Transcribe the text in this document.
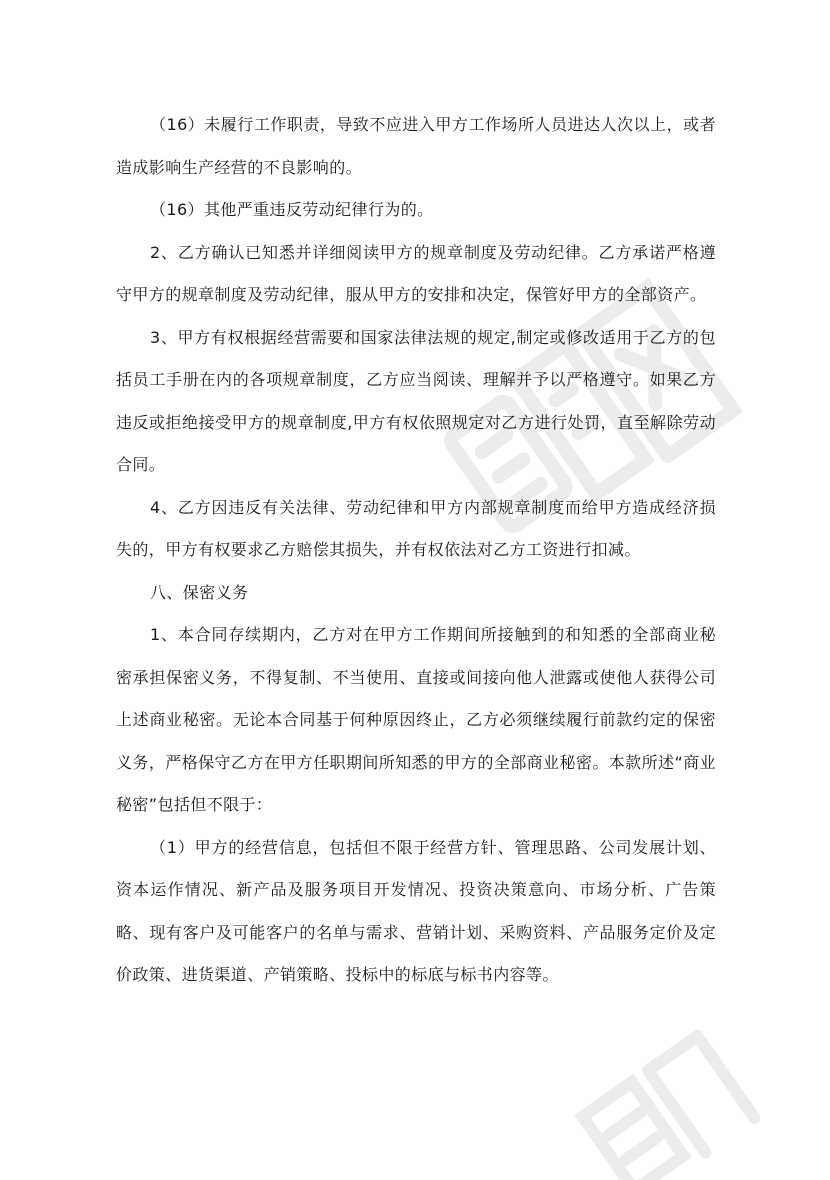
（16）未履行工作职责，导致不应进入甲方工作场所人员进达人次以上，或者造成影响生产经营的不良影响的。

（16）其他严重违反劳动纪律行为的。

2、乙方确认已知悉并详细阅读甲方的规章制度及劳动纪律。乙方承诺严格遵守甲方的规章制度及劳动纪律，服从甲方的安排和决定，保管好甲方的全部资产。

3、甲方有权根据经营需要和国家法律法规的规定,制定或修改适用于乙方的包括员工手册在内的各项规章制度，乙方应当阅读、理解并予以严格遵守。如果乙方违反或拒绝接受甲方的规章制度,甲方有权依照规定对乙方进行处罚，直至解除劳动合同。

4、乙方因违反有关法律、劳动纪律和甲方内部规章制度而给甲方造成经济损失的，甲方有权要求乙方赔偿其损失，并有权依法对乙方工资进行扣减。

八、保密义务

1、本合同存续期内，乙方对在甲方工作期间所接触到的和知悉的全部商业秘密承担保密义务，不得复制、不当使用、直接或间接向他人泄露或使他人获得公司上述商业秘密。无论本合同基于何种原因终止，乙方必须继续履行前款约定的保密义务，严格保守乙方在甲方任职期间所知悉的甲方的全部商业秘密。本款所述“商业秘密”包括但不限于：

（1）甲方的经营信息，包括但不限于经营方针、管理思路、公司发展计划、资本运作情况、新产品及服务项目开发情况、投资决策意向、市场分析、广告策略、现有客户及可能客户的名单与需求、营销计划、采购资料、产品服务定价及定价政策、进货渠道、产销策略、投标中的标底与标书内容等。
